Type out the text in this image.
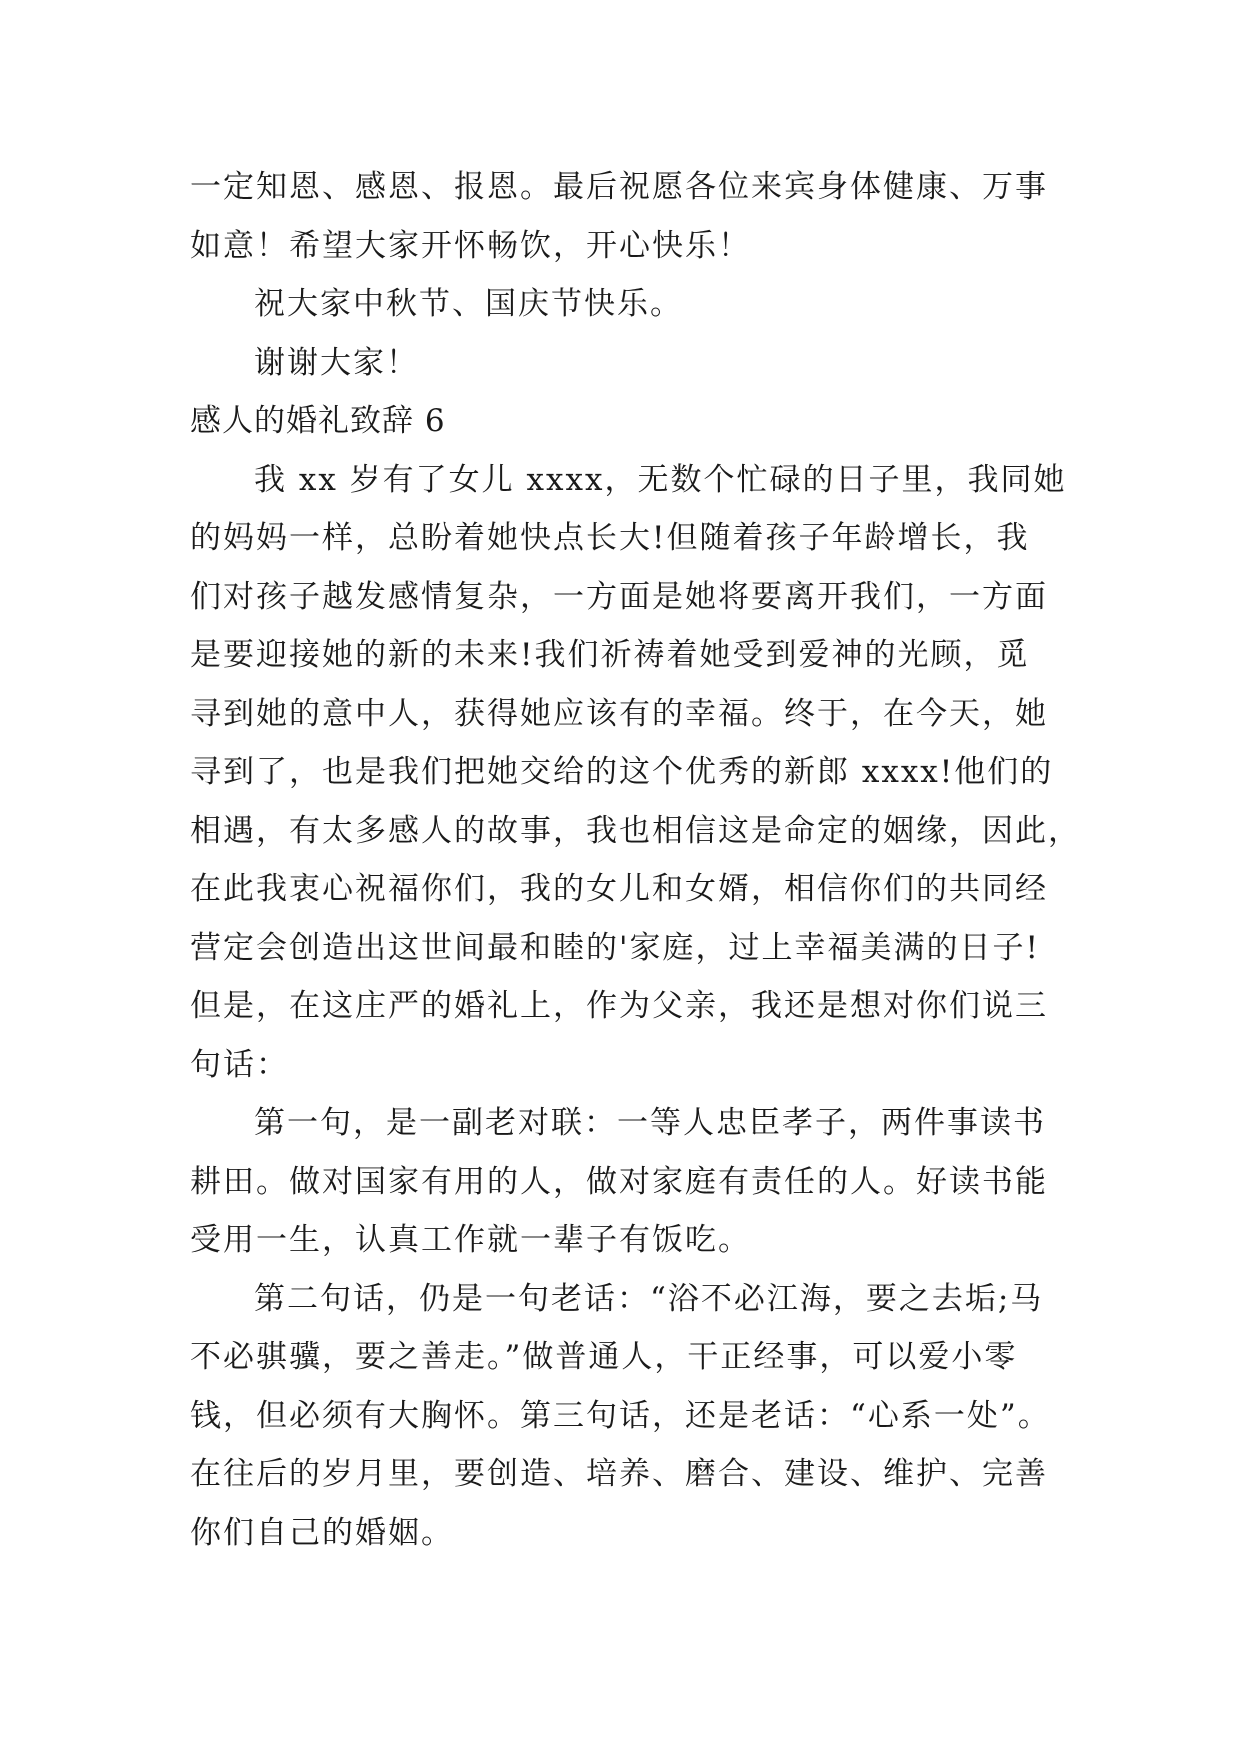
一定知恩、感恩、报恩。最后祝愿各位来宾身体健康、万事

如意！希望大家开怀畅饮，开心快乐！

祝大家中秋节、国庆节快乐。

谢谢大家！

感人的婚礼致辞 6

我 xx 岁有了女儿 xxxx，无数个忙碌的日子里，我同她

的妈妈一样，总盼着她快点长大!但随着孩子年龄增长，我

们对孩子越发感情复杂，一方面是她将要离开我们，一方面

是要迎接她的新的未来!我们祈祷着她受到爱神的光顾，觅

寻到她的意中人，获得她应该有的幸福。终于，在今天，她

寻到了，也是我们把她交给的这个优秀的新郎 xxxx!他们的

相遇，有太多感人的故事，我也相信这是命定的姻缘，因此，

在此我衷心祝福你们，我的女儿和女婿，相信你们的共同经

营定会创造出这世间最和睦的'家庭，过上幸福美满的日子!

但是，在这庄严的婚礼上，作为父亲，我还是想对你们说三

句话：

第一句，是一副老对联：一等人忠臣孝子，两件事读书

耕田。做对国家有用的人，做对家庭有责任的人。好读书能

受用一生，认真工作就一辈子有饭吃。

第二句话，仍是一句老话：“浴不必江海，要之去垢;马

不必骐骥，要之善走。”做普通人，干正经事，可以爱小零

钱，但必须有大胸怀。第三句话，还是老话：“心系一处”。

在往后的岁月里，要创造、培养、磨合、建设、维护、完善

你们自己的婚姻。
